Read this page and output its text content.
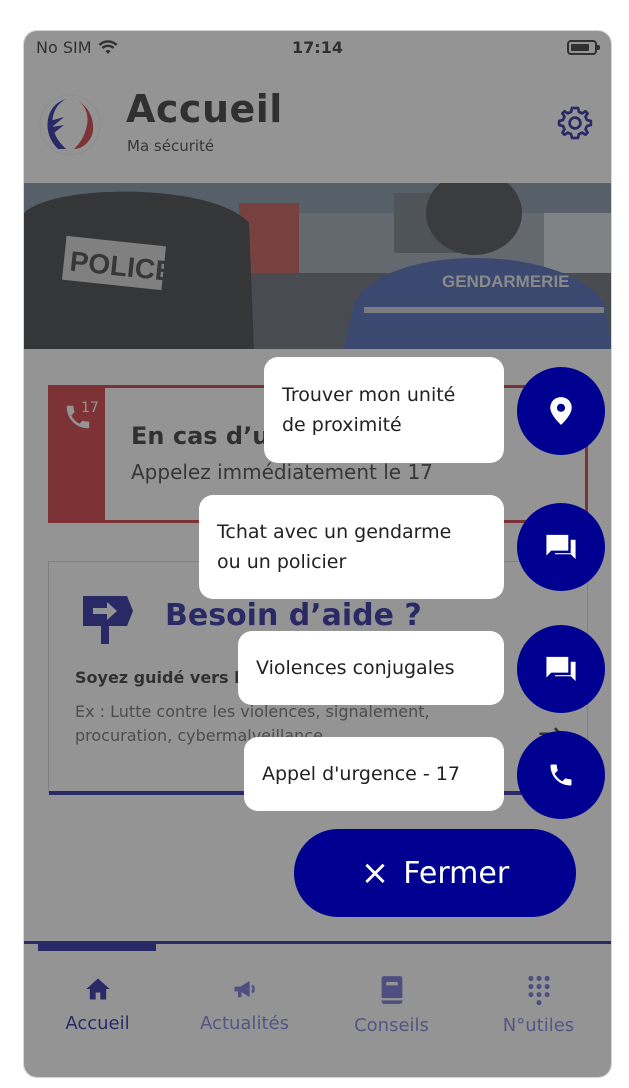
Trouver mon unité
de proximité
Tchat avec un gendarme
ou un policier
Violences conjugales
Appel d'urgence - 17
× Fermer
